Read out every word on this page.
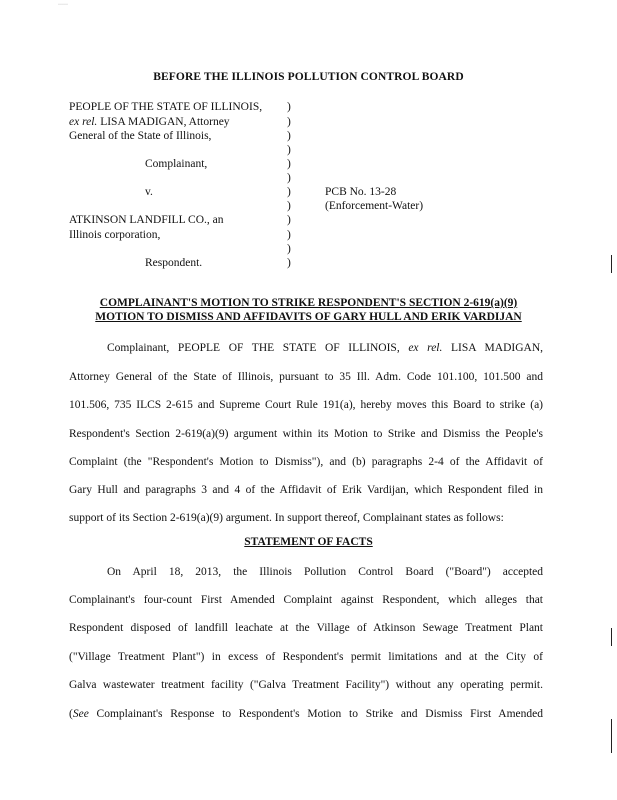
·····
BEFORE THE ILLINOIS POLLUTION CONTROL BOARD
PEOPLE OF THE STATE OF ILLINOIS,
ex rel. LISA MADIGAN, Attorney
General of the State of Illinois,
Complainant,
v.
ATKINSON LANDFILL CO., an
Illinois corporation,
Respondent.
)
)
)
)
)
)
)
)
)
)
)
)
PCB No. 13-28
(Enforcement-Water)
COMPLAINANT'S MOTION TO STRIKE RESPONDENT'S SECTION 2-619(a)(9)
MOTION TO DISMISS AND AFFIDAVITS OF GARY HULL AND ERIK VARDIJAN
Complainant, PEOPLE OF THE STATE OF ILLINOIS, ex rel. LISA MADIGAN,
Attorney General of the State of Illinois, pursuant to 35 Ill. Adm. Code 101.100, 101.500 and
101.506, 735 ILCS 2-615 and Supreme Court Rule 191(a), hereby moves this Board to strike (a)
Respondent's Section 2-619(a)(9) argument within its Motion to Strike and Dismiss the People's
Complaint (the "Respondent's Motion to Dismiss"), and (b) paragraphs 2-4 of the Affidavit of
Gary Hull and paragraphs 3 and 4 of the Affidavit of Erik Vardijan, which Respondent filed in
support of its Section 2-619(a)(9) argument. In support thereof, Complainant states as follows:
STATEMENT OF FACTS
On April 18, 2013, the Illinois Pollution Control Board ("Board") accepted
Complainant's four-count First Amended Complaint against Respondent, which alleges that
Respondent disposed of landfill leachate at the Village of Atkinson Sewage Treatment Plant
("Village Treatment Plant") in excess of Respondent's permit limitations and at the City of
Galva wastewater treatment facility ("Galva Treatment Facility") without any operating permit.
(See Complainant's Response to Respondent's Motion to Strike and Dismiss First Amended
